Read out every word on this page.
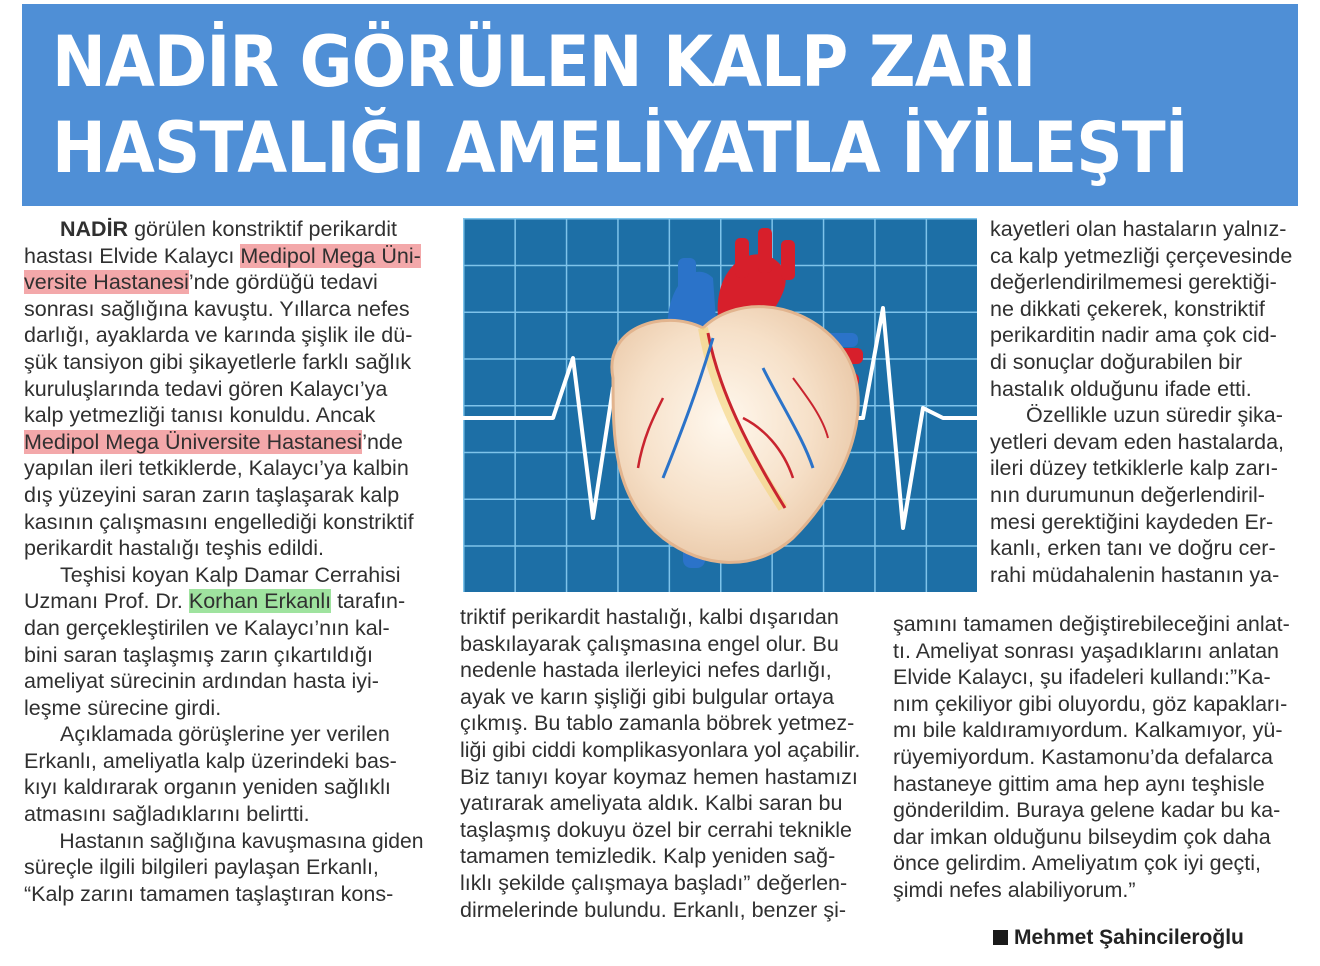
NADİR GÖRÜLEN KALP ZARI
HASTALIĞI AMELİYATLA İYİLEŞTİ

NADİR görülen konstriktif perikardit

hastası Elvide Kalaycı Medipol Mega Üni-

versite Hastanesi’nde gördüğü tedavi

sonrası sağlığına kavuştu. Yıllarca nefes

darlığı, ayaklarda ve karında şişlik ile dü-

şük tansiyon gibi şikayetlerle farklı sağlık

kuruluşlarında tedavi gören Kalaycı’ya

kalp yetmezliği tanısı konuldu. Ancak

Medipol Mega Üniversite Hastanesi’nde

yapılan ileri tetkiklerde, Kalaycı’ya kalbin

dış yüzeyini saran zarın taşlaşarak kalp

kasının çalışmasını engellediği konstriktif

perikardit hastalığı teşhis edildi.

Teşhisi koyan Kalp Damar Cerrahisi

Uzmanı Prof. Dr. Korhan Erkanlı tarafın-

dan gerçekleştirilen ve Kalaycı’nın kal-

bini saran taşlaşmış zarın çıkartıldığı

ameliyat sürecinin ardından hasta iyi-

leşme sürecine girdi.

Açıklamada görüşlerine yer verilen

Erkanlı, ameliyatla kalp üzerindeki bas-

kıyı kaldırarak organın yeniden sağlıklı

atmasını sağladıklarını belirtti.

Hastanın sağlığına kavuşmasına giden

süreçle ilgili bilgileri paylaşan Erkanlı,

“Kalp zarını tamamen taşlaştıran kons-

triktif perikardit hastalığı, kalbi dışarıdan

baskılayarak çalışmasına engel olur. Bu

nedenle hastada ilerleyici nefes darlığı,

ayak ve karın şişliği gibi bulgular ortaya

çıkmış. Bu tablo zamanla böbrek yetmez-

liği gibi ciddi komplikasyonlara yol açabilir.

Biz tanıyı koyar koymaz hemen hastamızı

yatırarak ameliyata aldık. Kalbi saran bu

taşlaşmış dokuyu özel bir cerrahi teknikle

tamamen temizledik. Kalp yeniden sağ-

lıklı şekilde çalışmaya başladı” değerlen-

dirmelerinde bulundu. Erkanlı, benzer şi-

kayetleri olan hastaların yalnız-

ca kalp yetmezliği çerçevesinde

değerlendirilmemesi gerektiği-

ne dikkati çekerek, konstriktif

perikarditin nadir ama çok cid-

di sonuçlar doğurabilen bir

hastalık olduğunu ifade etti.

Özellikle uzun süredir şika-

yetleri devam eden hastalarda,

ileri düzey tetkiklerle kalp zarı-

nın durumunun değerlendiril-

mesi gerektiğini kaydeden Er-

kanlı, erken tanı ve doğru cer-

rahi müdahalenin hastanın ya-

şamını tamamen değiştirebileceğini anlat-

tı. Ameliyat sonrası yaşadıklarını anlatan

Elvide Kalaycı, şu ifadeleri kullandı:”Ka-

nım çekiliyor gibi oluyordu, göz kapakları-

mı bile kaldıramıyordum. Kalkamıyor, yü-

rüyemiyordum. Kastamonu’da defalarca

hastaneye gittim ama hep aynı teşhisle

gönderildim. Buraya gelene kadar bu ka-

dar imkan olduğunu bilseydim çok daha

önce gelirdim. Ameliyatım çok iyi geçti,

şimdi nefes alabiliyorum.”

Mehmet Şahincileroğlu
